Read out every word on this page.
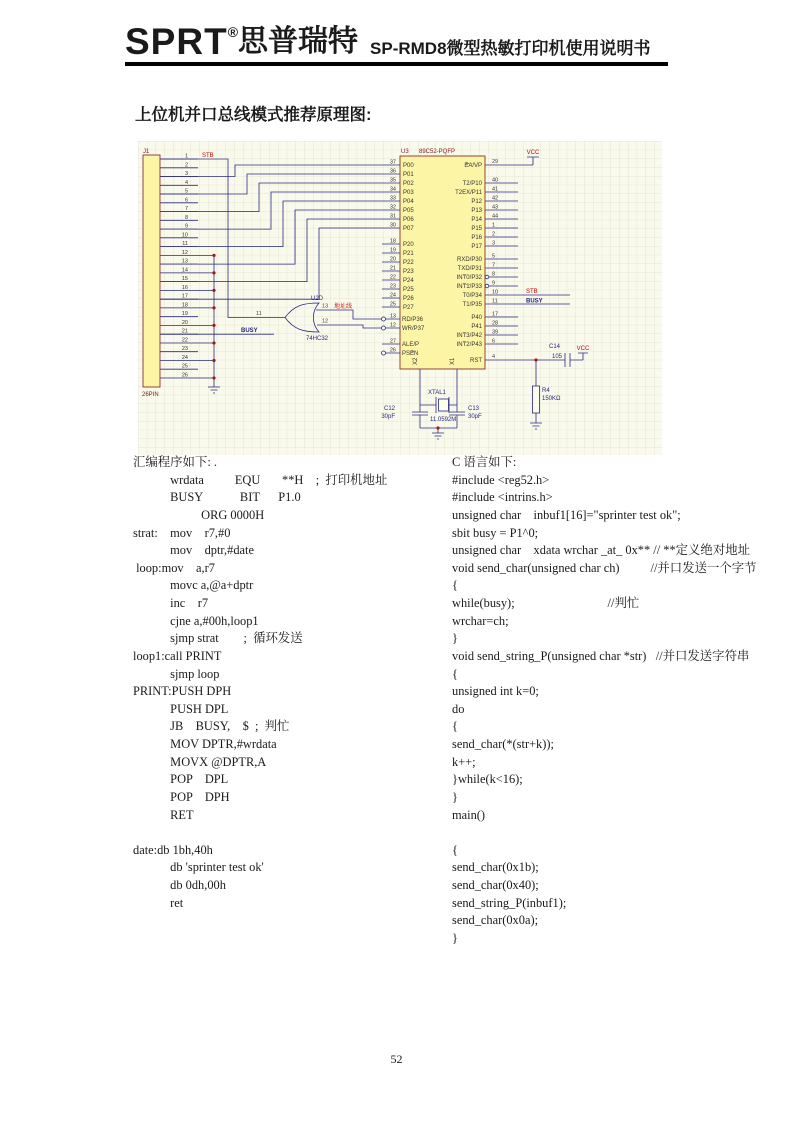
SPRT®思普瑞特 SP-RMD8微型热敏打印机使用说明书
上位机并口总线模式推荐原理图:
J1
26PIN
STB
BUSY
11
U2D
13 地址线
12
74HC32
U3 89C52-PQFP	VCC
VCC
STB
BUSY
C14
105
R4
150KΩ
XTAL1
11.0592M
C12
30pF
C13
30pF
29
4
RST
X2	X1
EA/VP
RD/P36
WR/P37
ALE/P
PSEN
INT0/P32
INT1/P33
INT3/P42
INT2/P43
1
2
3
4
5
6
7
8
9
10
11
12
13
14
15
16
17
18
19
20
21
22
23
24
25
26
P00
P01
P02
P03
P04
P05
P06
P07
37
36
35
34
33
32
31
30
P20
P21
P22
P23
P24
P25
P26
P27
18
19
20
21
22
23
24
25
13
12
27
26
T2/P10
T2EX/P11
P12
P13
P14
P15
P16
P17
40
41
42
43
44
1
2
3
RXD/P30
TXD/P31
T0/P34
T1/P35
5
7
8
9
10
11
P40
P41
17
28
39
6
汇编程序如下: .
wrdata          EQU       **H    ;  打印机地址
BUSY            BIT      P1.0
ORG 0000H
strat:    mov    r7,#0
mov    dptr,#date
loop:mov    a,r7
movc a,@a+dptr
inc    r7
cjne a,#00h,loop1
sjmp strat        ;  循环发送
loop1:call PRINT
sjmp loop
PRINT:PUSH DPH
PUSH DPL
JB    BUSY,    $  ;  判忙
MOV DPTR,#wrdata
MOVX @DPTR,A
POP    DPL
POP    DPH
RET
date:db 1bh,40h
db 'sprinter test ok'
db 0dh,00h
ret
C 语言如下:
#include <reg52.h>
#include <intrins.h>
unsigned char    inbuf1[16]="sprinter test ok";
sbit busy = P1^0;
unsigned char    xdata wrchar _at_ 0x** // **定义绝对地址
void send_char(unsigned char ch)          //并口发送一个字节
{
while(busy);                              //判忙
wrchar=ch;
}
void send_string_P(unsigned char *str)   //并口发送字符串
{
unsigned int k=0;
do
{
send_char(*(str+k));
k++;
}while(k<16);
}
main()
{
send_char(0x1b);
send_char(0x40);
send_string_P(inbuf1);
send_char(0x0a);
}
52
